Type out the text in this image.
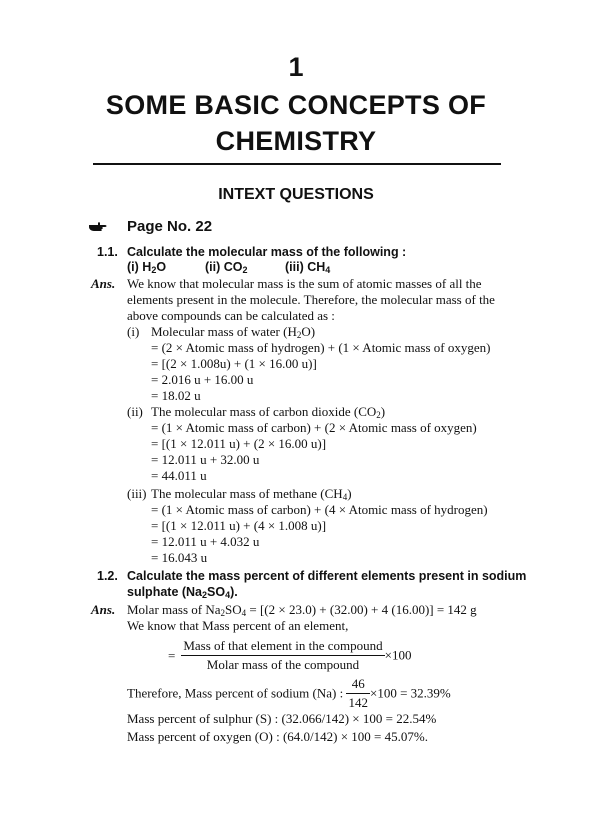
1
SOME BASIC CONCEPTS OF
CHEMISTRY
INTEXT QUESTIONS
Page No. 22
1.1. Calculate the molecular mass of the following :
(i) $H_2O$	(ii) $CO_2$	(iii) $CH_4$
Ans. We know that molecular mass is the sum of atomic masses of all the
elements present in the molecule. Therefore, the molecular mass of the
above compounds can be calculated as :
(i) Molecular mass of water $(H_2O)$
= (2 × Atomic mass of hydrogen) + (1 × Atomic mass of oxygen)
= [(2 × 1.008u) + (1 × 16.00 u)]
= 2.016 u + 16.00 u
= 18.02 u
(ii) The molecular mass of carbon dioxide $(CO_2)$
= (1 × Atomic mass of carbon) + (2 × Atomic mass of oxygen)
= [(1 × 12.011 u) + (2 × 16.00 u)]
= 12.011 u + 32.00 u
= 44.011 u
(iii) The molecular mass of methane $(CH_4)$
= (1 × Atomic mass of carbon) + (4 × Atomic mass of hydrogen)
= [(1 × 12.011 u) + (4 × 1.008 u)]
= 12.011 u + 4.032 u
= 16.043 u
1.2. Calculate the mass percent of different elements present in sodium
sulphate $(Na_2SO_4)$.
Ans. Molar mass of $Na_2SO_4 = [(2 \times 23.0) + (32.00) + 4$ (16.00)] = 142 g
We know that Mass percent of an element,
= $\frac{\text{Mass of that element in the compound}}{\text{Molar mass of the compound}} \times 100$
Therefore, Mass percent of sodium (Na) : $\frac{46}{142} \times 100 = 32.39\%$
Mass percent of sulphur (S) : (32.066/142) × 100 = 22.54%
Mass percent of oxygen (O) : (64.0/142) × 100 = 45.07%.
